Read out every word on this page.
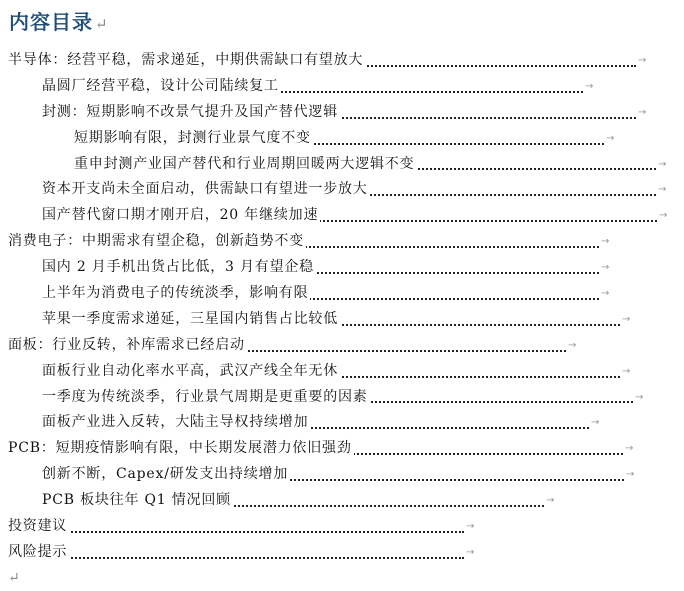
内容目录 ↵
半导体：经营平稳，需求递延，中期供需缺口有望放大	→
晶圆厂经营平稳，设计公司陆续复工	→
封测：短期影响不改景气提升及国产替代逻辑	→
短期影响有限，封测行业景气度不变	→
重申封测产业国产替代和行业周期回暖两大逻辑不变	→
资本开支尚未全面启动，供需缺口有望进一步放大	→
国产替代窗口期才刚开启，20 年继续加速	→
消费电子：中期需求有望企稳，创新趋势不变	→
国内 2 月手机出货占比低，3 月有望企稳	→
上半年为消费电子的传统淡季，影响有限	→
苹果一季度需求递延，三星国内销售占比较低	→
面板：行业反转，补库需求已经启动	→
面板行业自动化率水平高，武汉产线全年无休	→
一季度为传统淡季，行业景气周期是更重要的因素	→
面板产业进入反转，大陆主导权持续增加	→
PCB：短期疫情影响有限，中长期发展潜力依旧强劲	→
创新不断，Capex/研发支出持续增加	→
PCB 板块往年 Q1 情况回顾	→
投资建议	→
风险提示	→
↵
